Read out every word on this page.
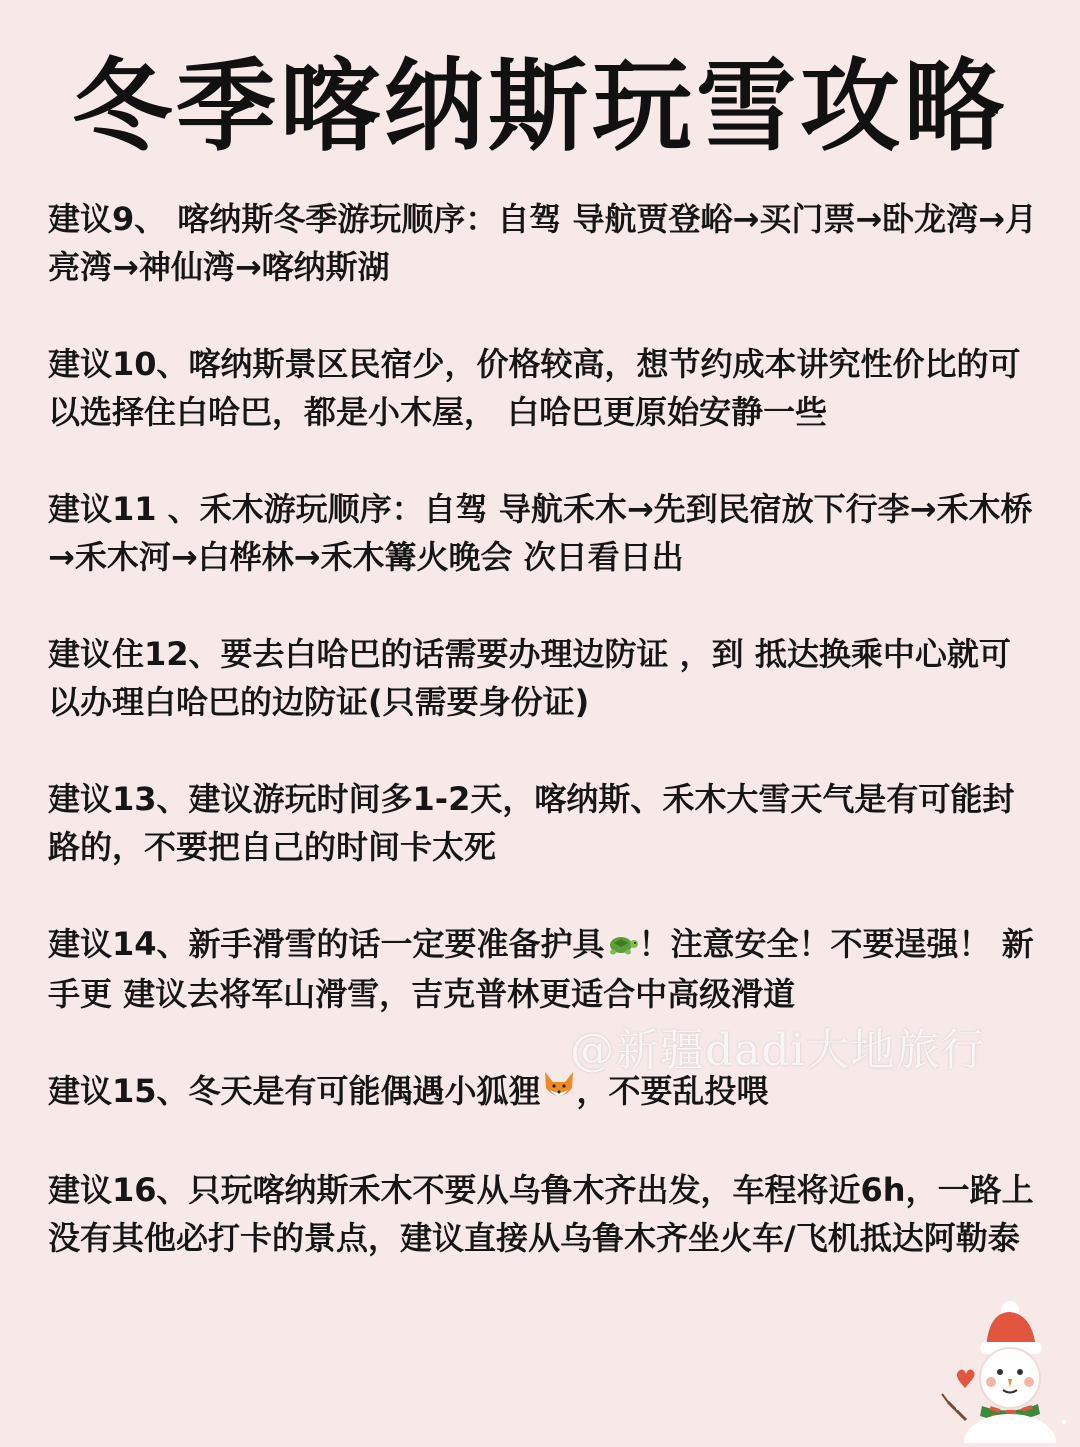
冬季喀纳斯玩雪攻略

建议9、 喀纳斯冬季游玩顺序：自驾 导航贾登峪→买门票→卧龙湾→月亮湾→神仙湾→喀纳斯湖

建议10、喀纳斯景区民宿少，价格较高，想节约成本讲究性价比的可以选择住白哈巴，都是小木屋， 白哈巴更原始安静一些

建议11 、禾木游玩顺序：自驾 导航禾木→先到民宿放下行李→禾木桥→禾木河→白桦林→禾木篝火晚会 次日看日出

建议住12、要去白哈巴的话需要办理边防证 ，到 抵达换乘中心就可以办理白哈巴的边防证(只需要身份证)

建议13、建议游玩时间多1-2天，喀纳斯、禾木大雪天气是有可能封路的，不要把自己的时间卡太死

建议14、新手滑雪的话一定要准备护具 ！注意安全！不要逞强！ 新手更 建议去将军山滑雪，吉克普林更适合中高级滑道

建议15、冬天是有可能偶遇小狐狸 ，不要乱投喂

建议16、只玩喀纳斯禾木不要从乌鲁木齐出发，车程将近6h，一路上没有其他必打卡的景点，建议直接从乌鲁木齐坐火车/飞机抵达阿勒泰

@新疆dadi大地旅行
